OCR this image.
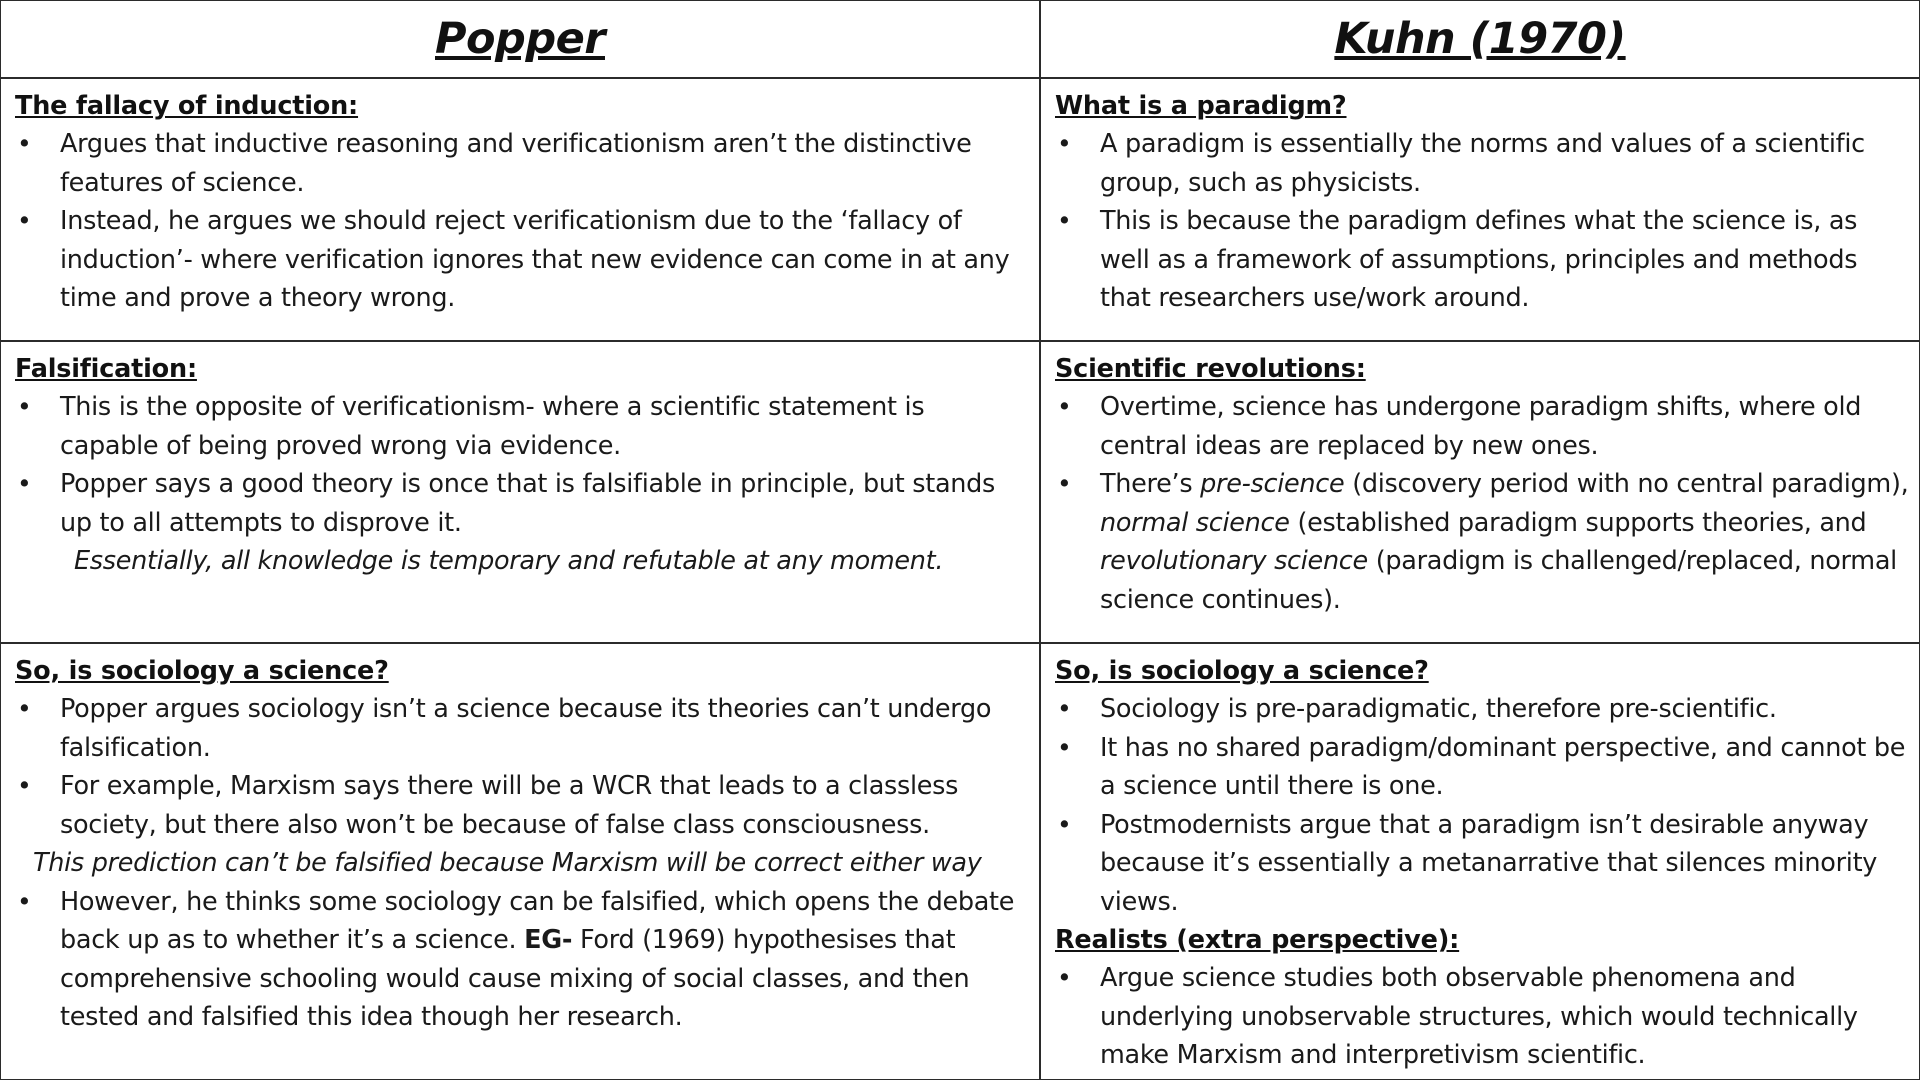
Popper	Kuhn (1970)
The fallacy of induction:
• Argues that inductive reasoning and verificationism aren’t the distinctive features of science.
• Instead, he argues we should reject verificationism due to the ‘fallacy of induction’- where verification ignores that new evidence can come in at any time and prove a theory wrong.
What is a paradigm?
• A paradigm is essentially the norms and values of a scientific group, such as physicists.
• This is because the paradigm defines what the science is, as well as a framework of assumptions, principles and methods that researchers use/work around.
Falsification:
• This is the opposite of verificationism- where a scientific statement is capable of being proved wrong via evidence.
• Popper says a good theory is once that is falsifiable in principle, but stands up to all attempts to disprove it.
Essentially, all knowledge is temporary and refutable at any moment.
Scientific revolutions:
• Overtime, science has undergone paradigm shifts, where old central ideas are replaced by new ones.
• There’s pre-science (discovery period with no central paradigm), normal science (established paradigm supports theories, and revolutionary science (paradigm is challenged/replaced, normal science continues).
So, is sociology a science?
• Popper argues sociology isn’t a science because its theories can’t undergo falsification.
• For example, Marxism says there will be a WCR that leads to a classless society, but there also won’t be because of false class consciousness.
This prediction can’t be falsified because Marxism will be correct either way
• However, he thinks some sociology can be falsified, which opens the debate back up as to whether it’s a science. EG- Ford (1969) hypothesises that comprehensive schooling would cause mixing of social classes, and then tested and falsified this idea though her research.
So, is sociology a science?
• Sociology is pre-paradigmatic, therefore pre-scientific.
• It has no shared paradigm/dominant perspective, and cannot be a science until there is one.
• Postmodernists argue that a paradigm isn’t desirable anyway because it’s essentially a metanarrative that silences minority views.
Realists (extra perspective):
• Argue science studies both observable phenomena and underlying unobservable structures, which would technically make Marxism and interpretivism scientific.
